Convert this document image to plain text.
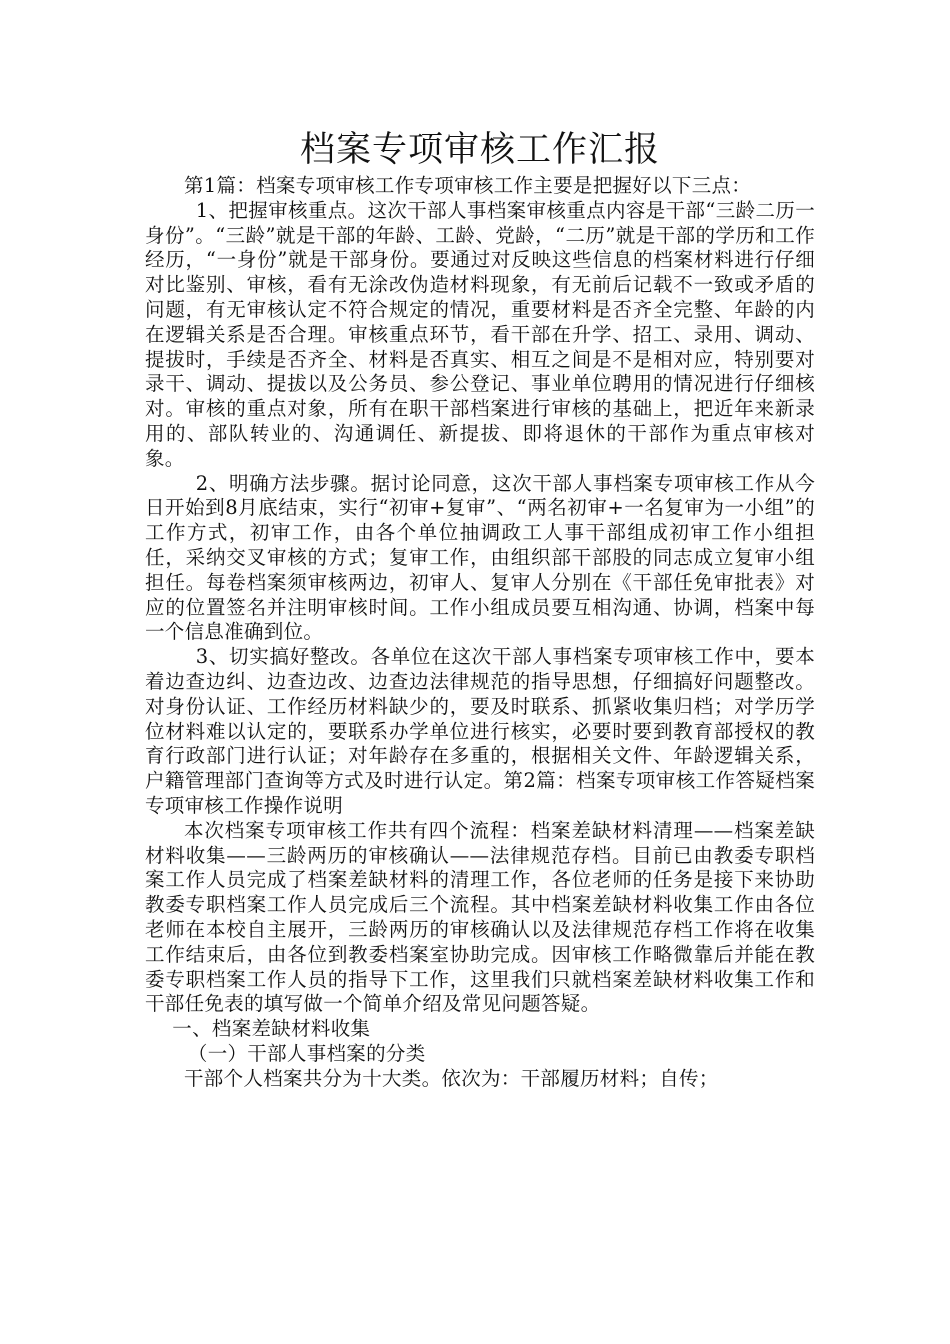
档案专项审核工作汇报

第1篇：档案专项审核工作专项审核工作主要是把握好以下三点：

1、把握审核重点。这次干部人事档案审核重点内容是干部“三龄二历一身份”。“三龄”就是干部的年龄、工龄、党龄，“二历”就是干部的学历和工作经历，“一身份”就是干部身份。要通过对反映这些信息的档案材料进行仔细对比鉴别、审核，看有无涂改伪造材料现象，有无前后记载不一致或矛盾的问题，有无审核认定不符合规定的情况，重要材料是否齐全完整、年龄的内在逻辑关系是否合理。审核重点环节，看干部在升学、招工、录用、调动、提拔时，手续是否齐全、材料是否真实、相互之间是不是相对应，特别要对录干、调动、提拔以及公务员、参公登记、事业单位聘用的情况进行仔细核对。审核的重点对象，所有在职干部档案进行审核的基础上，把近年来新录用的、部队转业的、沟通调任、新提拔、即将退休的干部作为重点审核对象。

2、明确方法步骤。据讨论同意，这次干部人事档案专项审核工作从今日开始到8月底结束，实行“初审+复审”、“两名初审+一名复审为一小组”的工作方式，初审工作，由各个单位抽调政工人事干部组成初审工作小组担任，采纳交叉审核的方式；复审工作，由组织部干部股的同志成立复审小组担任。每卷档案须审核两边，初审人、复审人分别在《干部任免审批表》对应的位置签名并注明审核时间。工作小组成员要互相沟通、协调，档案中每一个信息准确到位。

3、切实搞好整改。各单位在这次干部人事档案专项审核工作中，要本着边查边纠、边查边改、边查边法律规范的指导思想，仔细搞好问题整改。对身份认证、工作经历材料缺少的，要及时联系、抓紧收集归档；对学历学位材料难以认定的，要联系办学单位进行核实，必要时要到教育部授权的教育行政部门进行认证；对年龄存在多重的，根据相关文件、年龄逻辑关系，户籍管理部门查询等方式及时进行认定。第2篇：档案专项审核工作答疑档案专项审核工作操作说明

本次档案专项审核工作共有四个流程：档案差缺材料清理——档案差缺材料收集——三龄两历的审核确认——法律规范存档。目前已由教委专职档案工作人员完成了档案差缺材料的清理工作，各位老师的任务是接下来协助教委专职档案工作人员完成后三个流程。其中档案差缺材料收集工作由各位老师在本校自主展开，三龄两历的审核确认以及法律规范存档工作将在收集工作结束后，由各位到教委档案室协助完成。因审核工作略微靠后并能在教委专职档案工作人员的指导下工作，这里我们只就档案差缺材料收集工作和干部任免表的填写做一个简单介绍及常见问题答疑。

一、档案差缺材料收集

（一）干部人事档案的分类

干部个人档案共分为十大类。依次为：干部履历材料；自传；
